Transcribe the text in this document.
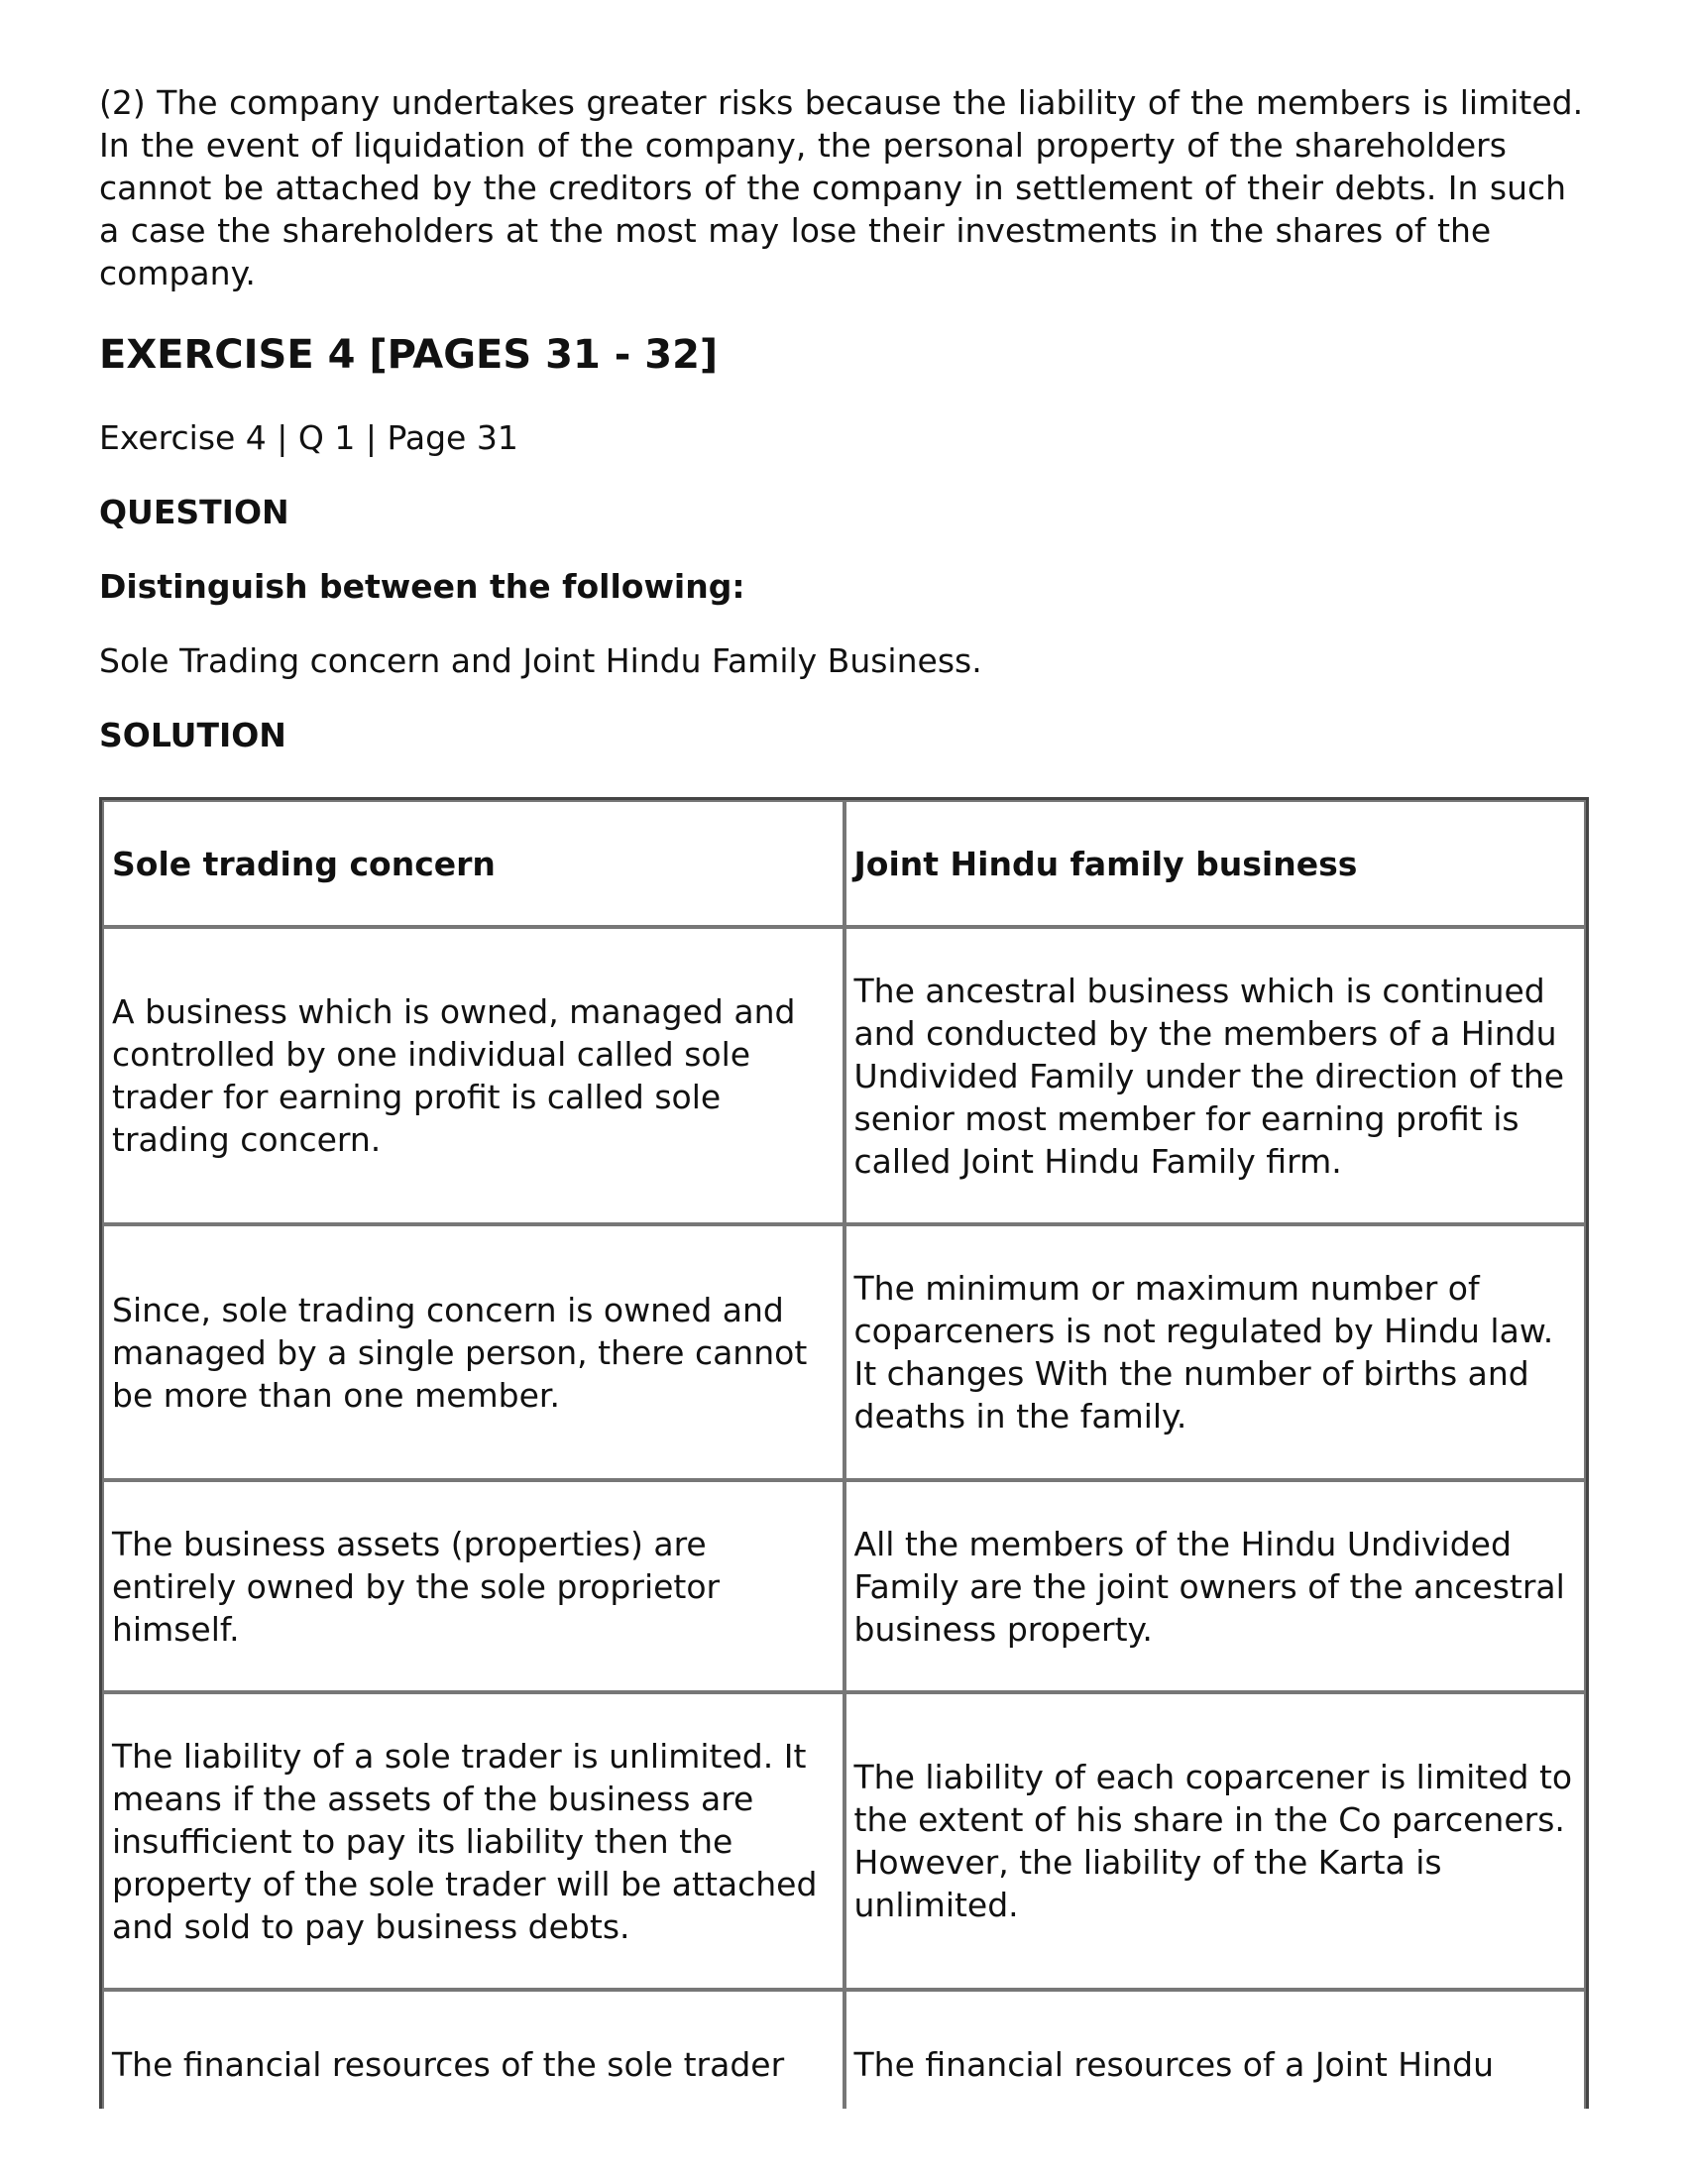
(2) The company undertakes greater risks because the liability of the members is limited. In the event of liquidation of the company, the personal property of the shareholders cannot be attached by the creditors of the company in settlement of their debts. In such a case the shareholders at the most may lose their investments in the shares of the company.

EXERCISE 4 [PAGES 31 - 32]

Exercise 4 | Q 1 | Page 31

QUESTION

Distinguish between the following:

Sole Trading concern and Joint Hindu Family Business.

SOLUTION

Sole trading concern	Joint Hindu family business
A business which is owned, managed and controlled by one individual called sole trader for earning profit is called sole trading concern.	The ancestral business which is continued and conducted by the members of a Hindu Undivided Family under the direction of the senior most member for earning profit is called Joint Hindu Family firm.
Since, sole trading concern is owned and managed by a single person, there cannot be more than one member.	The minimum or maximum number of coparceners is not regulated by Hindu law. It changes With the number of births and deaths in the family.
The business assets (properties) are entirely owned by the sole proprietor himself.	All the members of the Hindu Undivided Family are the joint owners of the ancestral business property.
The liability of a sole trader is unlimited. It means if the assets of the business are insufficient to pay its liability then the property of the sole trader will be attached and sold to pay business debts.	The liability of each coparcener is limited to the extent of his share in the Co parceners. However, the liability of the Karta is unlimited.
The financial resources of the sole trader	The financial resources of a Joint Hindu
